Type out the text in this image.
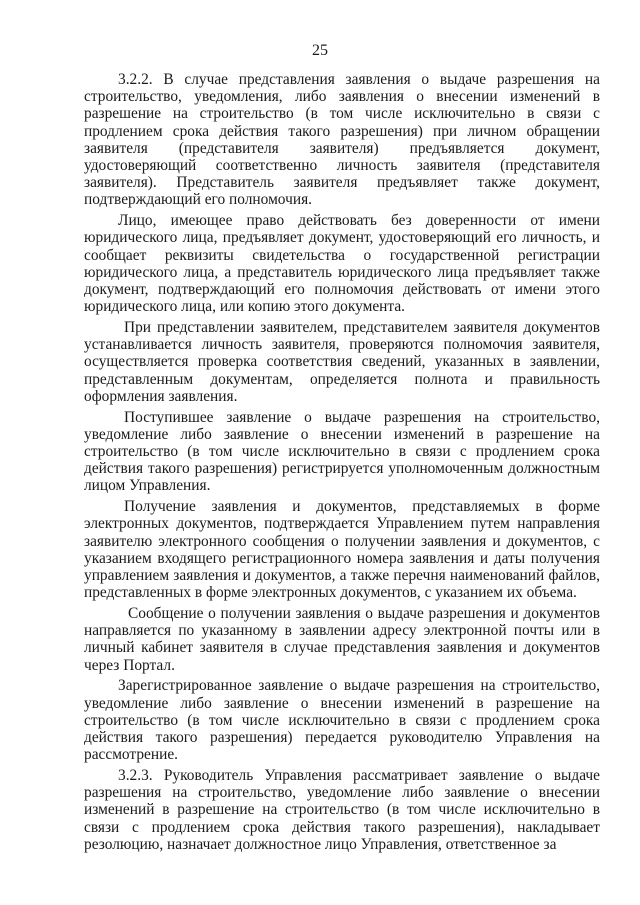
25

3.2.2. В случае представления заявления о выдаче разрешения на строительство, уведомления, либо заявления о внесении изменений в разрешение на строительство (в том числе исключительно в связи с продлением срока действия такого разрешения) при личном обращении заявителя (представителя заявителя) предъявляется документ, удостоверяющий соответственно личность заявителя (представителя заявителя). Представитель заявителя предъявляет также документ, подтверждающий его полномочия.

Лицо, имеющее право действовать без доверенности от имени юридического лица, предъявляет документ, удостоверяющий его личность, и сообщает реквизиты свидетельства о государственной регистрации юридического лица, а представитель юридического лица предъявляет также документ, подтверждающий его полномочия действовать от имени этого юридического лица, или копию этого документа.

При представлении заявителем, представителем заявителя документов устанавливается личность заявителя, проверяются полномочия заявителя, осуществляется проверка соответствия сведений, указанных в заявлении, представленным документам, определяется полнота и правильность оформления заявления.

Поступившее заявление о выдаче разрешения на строительство, уведомление либо заявление о внесении изменений в разрешение на строительство (в том числе исключительно в связи с продлением срока действия такого разрешения) регистрируется уполномоченным должностным лицом Управления.

Получение заявления и документов, представляемых в форме электронных документов, подтверждается Управлением путем направления заявителю электронного сообщения о получении заявления и документов, с указанием входящего регистрационного номера заявления и даты получения управлением заявления и документов, а также перечня наименований файлов, представленных в форме электронных документов, с указанием их объема.

Сообщение о получении заявления о выдаче разрешения и документов направляется по указанному в заявлении адресу электронной почты или в личный кабинет заявителя в случае представления заявления и документов через Портал.

Зарегистрированное заявление о выдаче разрешения на строительство, уведомление либо заявление о внесении изменений в разрешение на строительство (в том числе исключительно в связи с продлением срока действия такого разрешения) передается руководителю Управления на рассмотрение.

3.2.3. Руководитель Управления рассматривает заявление о выдаче разрешения на строительство, уведомление либо заявление о внесении изменений в разрешение на строительство (в том числе исключительно в связи с продлением срока действия такого разрешения), накладывает резолюцию, назначает должностное лицо Управления, ответственное за
